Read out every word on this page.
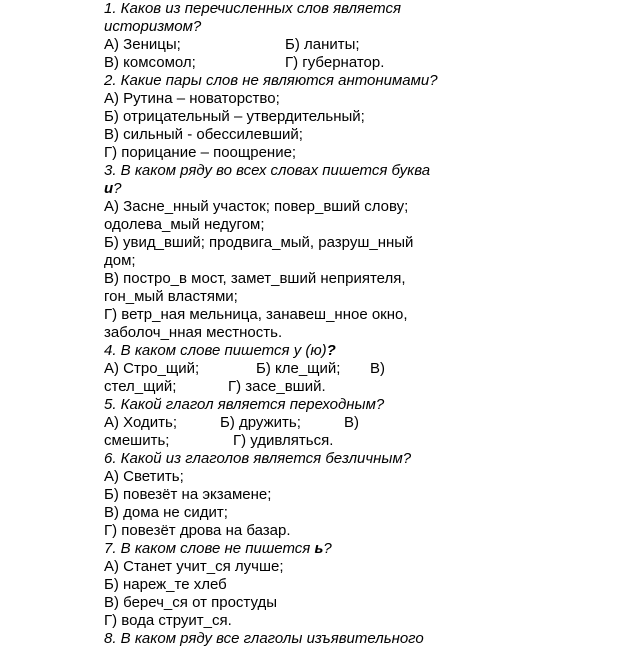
1. Каков из перечисленных слов является
историзмом?
А) Зеницы;	Б) ланиты;
В) комсомол;	Г) губернатор.
2. Какие пары слов не являются антонимами?
А) Рутина – новаторство;
Б) отрицательный – утвердительный;
В) сильный - обессилевший;
Г) порицание – поощрение;
3. В каком ряду во всех словах пишется буква
и?
А) Засне_нный участок; повер_вший слову;
одолева_мый недугом;
Б) увид_вший; продвига_мый, разруш_нный
дом;
В) постро_в мост, замет_вший неприятеля,
гон_мый властями;
Г) ветр_ная мельница, занавеш_нное окно,
заболоч_нная местность.
4. В каком слове пишется у (ю)?
А) Стро_щий;	Б) кле_щий; В)
стел_щий;	Г) засе_вший.
5. Какой глагол является переходным?
А) Ходить;	Б) дружить;	В)
смешить;	Г) удивляться.
6. Какой из глаголов является безличным?
А) Светить;
Б) повезёт на экзамене;
В) дома не сидит;
Г) повезёт дрова на базар.
7. В каком слове не пишется ь?
А) Станет учит_ся лучше;
Б) нареж_те хлеб
В) береч_ся от простуды
Г) вода струит_ся.
8. В каком ряду все глаголы изъявительного
